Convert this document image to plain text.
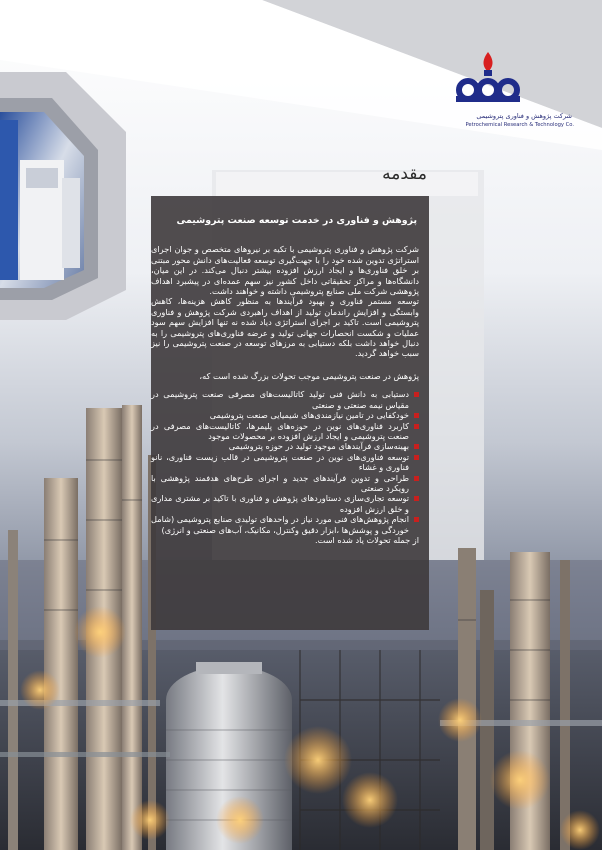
شرکت پژوهش و فناوری پتروشیمی
Petrochemical Research & Technology Co.
مقدمه
پژوهش و فناوری در خدمت توسعه صنعت پتروشیمی

شرکت پژوهش و فناوری پتروشیمی با تکیه بر نیروهای متخصص و جوان اجرای استراتژی تدوین شده خود را با جهت‌گیری توسعه فعالیت‌های دانش محور مبتنی بر خلق فناوری‌ها و ایجاد ارزش افزوده بیشتر دنبال می‌کند. در این میان، دانشگاه‌ها و مراکز تحقیقاتی داخل کشور نیز سهم عمده‌ای در پیشبرد اهداف پژوهشی شرکت ملی صنایع پتروشیمی داشته و خواهند داشت.

توسعه مستمر فناوری و بهبود فرآیندها به منظور کاهش هزینه‌ها، کاهش وابستگی و افزایش راندمان تولید از اهداف راهبردی شرکت پژوهش و فناوری پتروشیمی است. تاکید بر اجرای استراتژی دیاد شده نه تنها افزایش سهم سود عملیات و شکست انحصارات جهانی تولید و عرضه فناوری‌های پتروشیمی را به دنبال خواهد داشت بلکه دستیابی به مرزهای توسعه در صنعت پتروشیمی را نیز سبب خواهد گردید.

پژوهش در صنعت پتروشیمی موجب تحولات بزرگ شده است که،

دستیابی به دانش فنی تولید کاتالیست‌های مصرفی صنعت پتروشیمی در مقیاس نیمه صنعتی و صنعتی
خودکفایی در تامین نیازمندی‌های شیمیایی صنعت پتروشیمی
کاربرد فناوری‌های نوین در حوزه‌های پلیمرها، کاتالیست‌های مصرفی در صنعت پتروشیمی و ایجاد ارزش افزوده بر محصولات موجود
بهینه‌سازی فرآیندهای موجود تولید در حوزه پتروشیمی
توسعه فناوری‌های نوین در صنعت پتروشیمی در قالب زیست فناوری، نانو فناوری و غشاء
طراحی و تدوین فرآیندهای جدید و اجرای طرح‌های هدفمند پژوهشی با رویکرد صنعتی
توسعه تجاری‌سازی دستاوردهای پژوهش و فناوری با تاکید بر مشتری مداری و خلق ارزش افزوده
انجام پژوهش‌های فنی مورد نیاز در واحدهای تولیدی صنایع پتروشیمی (شامل خوردگی و پوشش‌ها ،ابزار دقیق وکنترل، مکانیک، آب‌های صنعتی و انرژی)

از جمله تحولات یاد شده است.
